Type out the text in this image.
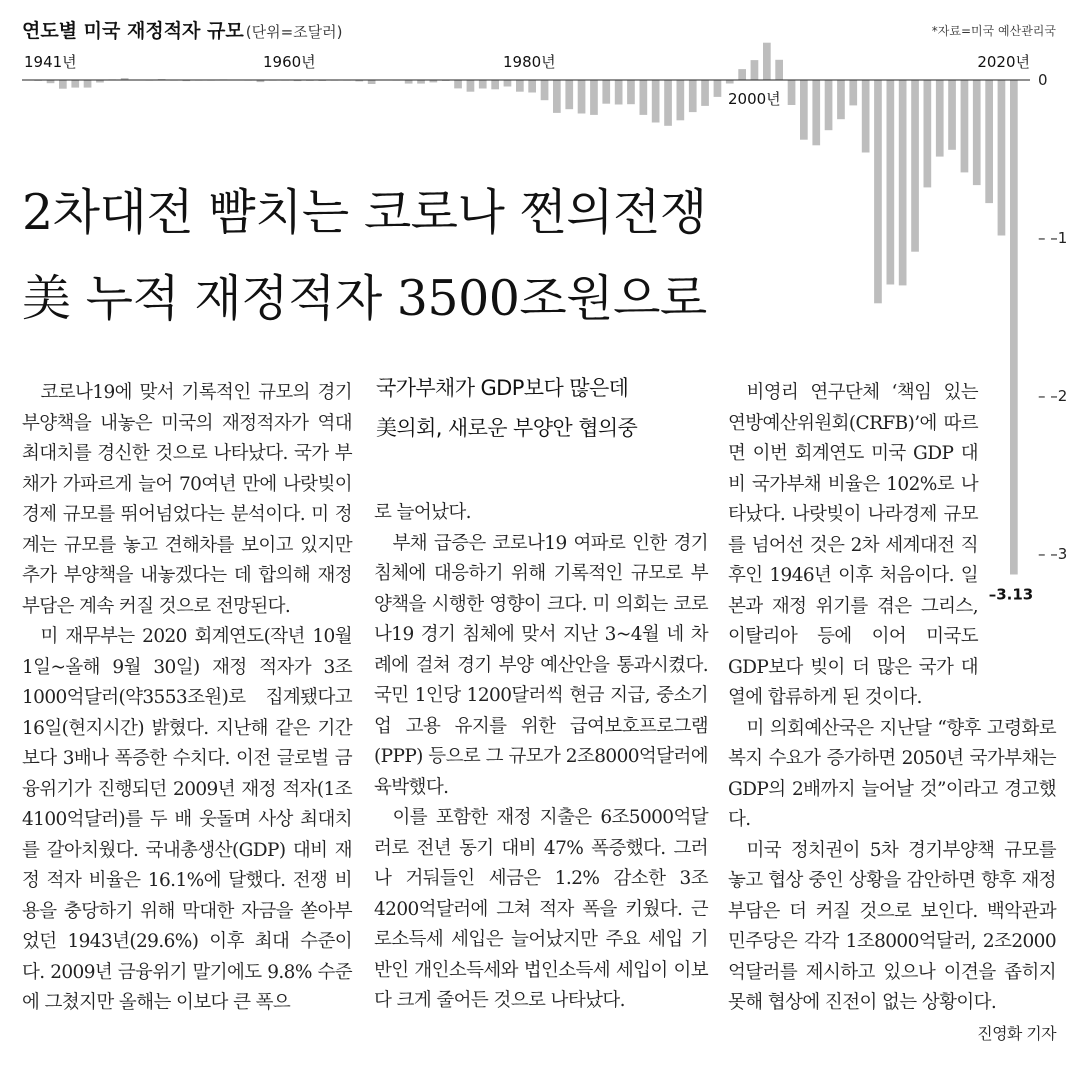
1941년	1960년	1980년
2000년
2020년
0
– –1
– –2
– –3
–3.13
연도별 미국 재정적자 규모 (단위=조달러)	*자료=미국 예산관리국
2차대전 뺨치는 코로나 쩐의전쟁
美 누적 재정적자 3500조원으로

코로나19에 맞서 기록적인 규모의 경기부양책을 내놓은 미국의 재정적자가 역대 최대치를 경신한 것으로 나타났다. 국가 부채가 가파르게 늘어 70여년 만에 나랏빚이 경제 규모를 뛰어넘었다는 분석이다. 미 정계는 규모를 놓고 견해차를 보이고 있지만 추가 부양책을 내놓겠다는 데 합의해 재정 부담은 계속 커질 것으로 전망된다.

미 재무부는 2020 회계연도(작년 10월 1일~올해 9월 30일) 재정 적자가 3조1000억달러(약3553조원)로 집계됐다고 16일(현지시간) 밝혔다. 지난해 같은 기간보다 3배나 폭증한 수치다. 이전 글로벌 금융위기가 진행되던 2009년 재정 적자(1조4100억달러)를 두 배 웃돌며 사상 최대치를 갈아치웠다. 국내총생산(GDP) 대비 재정 적자 비율은 16.1%에 달했다. 전쟁 비용을 충당하기 위해 막대한 자금을 쏟아부었던 1943년(29.6%) 이후 최대 수준이다. 2009년 금융위기 말기에도 9.8% 수준에 그쳤지만 올해는 이보다 큰 폭으

국가부채가 GDP보다 많은데
美의회, 새로운 부양안 협의중

로 늘어났다.

부채 급증은 코로나19 여파로 인한 경기 침체에 대응하기 위해 기록적인 규모로 부양책을 시행한 영향이 크다. 미 의회는 코로나19 경기 침체에 맞서 지난 3~4월 네 차례에 걸쳐 경기 부양 예산안을 통과시켰다. 국민 1인당 1200달러씩 현금 지급, 중소기업 고용 유지를 위한 급여보호프로그램(PPP) 등으로 그 규모가 2조8000억달러에 육박했다.

이를 포함한 재정 지출은 6조5000억달러로 전년 동기 대비 47% 폭증했다. 그러나 거둬들인 세금은 1.2% 감소한 3조4200억달러에 그쳐 적자 폭을 키웠다. 근로소득세 세입은 늘어났지만 주요 세입 기반인 개인소득세와 법인소득세 세입이 이보다 크게 줄어든 것으로 나타났다.

비영리 연구단체 ‘책임 있는 연방예산위원회(CRFB)’에 따르면 이번 회계연도 미국 GDP 대비 국가부채 비율은 102%로 나타났다. 나랏빚이 나라경제 규모를 넘어선 것은 2차 세계대전 직후인 1946년 이후 처음이다. 일본과 재정 위기를 겪은 그리스, 이탈리아 등에 이어 미국도 GDP보다 빚이 더 많은 국가 대열에 합류하게 된 것이다.

미 의회예산국은 지난달 “향후 고령화로 복지 수요가 증가하면 2050년 국가부채는 GDP의 2배까지 늘어날 것”이라고 경고했다.

미국 정치권이 5차 경기부양책 규모를 놓고 협상 중인 상황을 감안하면 향후 재정 부담은 더 커질 것으로 보인다. 백악관과 민주당은 각각 1조8000억달러, 2조2000억달러를 제시하고 있으나 이견을 좁히지 못해 협상에 진전이 없는 상황이다.
진영화 기자
